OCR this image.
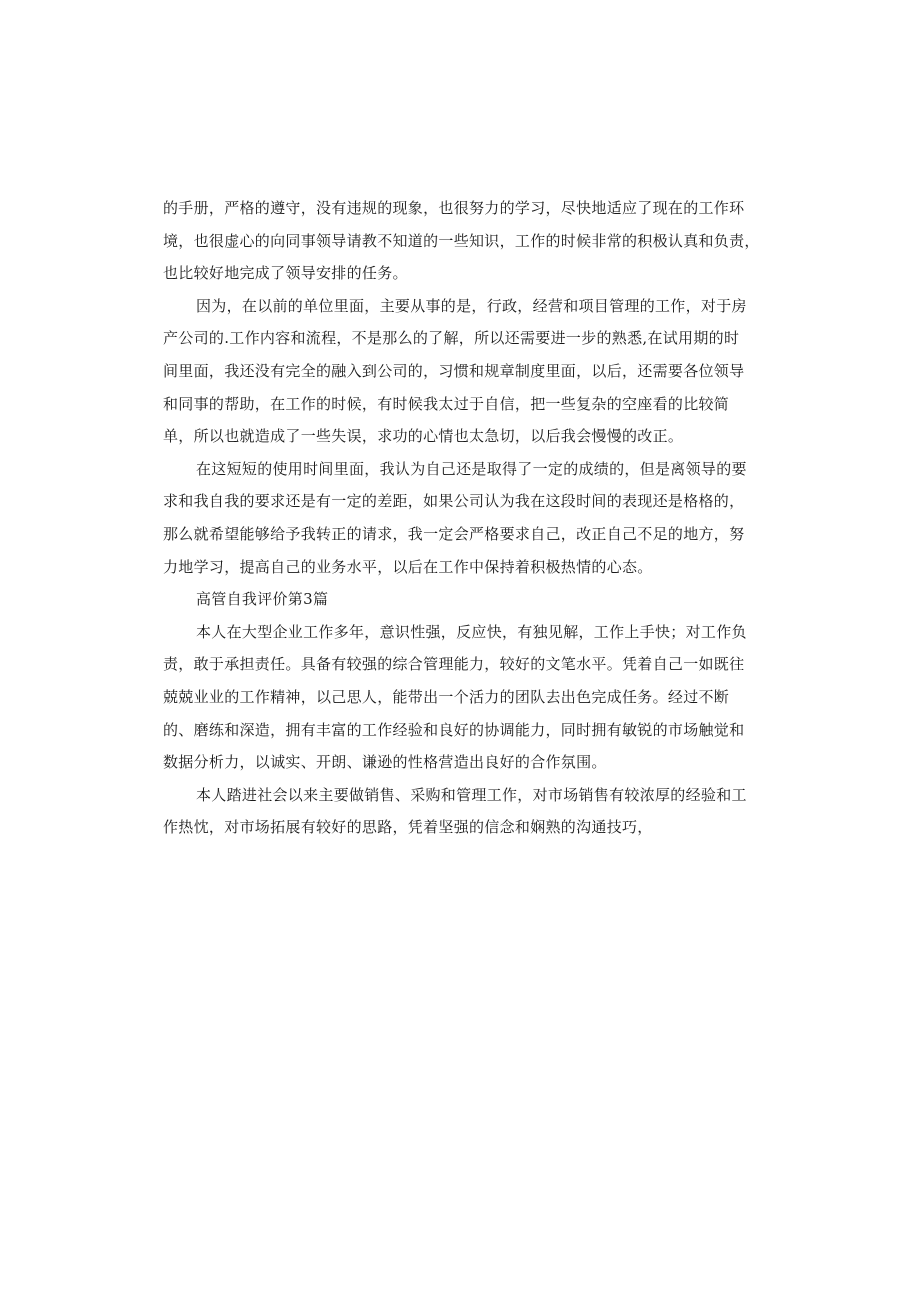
的手册，严格的遵守，没有违规的现象，也很努力的学习，尽快地适应了现在的工作环
境，也很虚心的向同事领导请教不知道的一些知识，工作的时候非常的积极认真和负责，
也比较好地完成了领导安排的任务。

因为，在以前的单位里面，主要从事的是，行政，经营和项目管理的工作，对于房
产公司的.工作内容和流程，不是那么的了解，所以还需要进一步的熟悉,在试用期的时
间里面，我还没有完全的融入到公司的，习惯和规章制度里面，以后，还需要各位领导
和同事的帮助，在工作的时候，有时候我太过于自信，把一些复杂的空座看的比较简
单，所以也就造成了一些失误，求功的心情也太急切，以后我会慢慢的改正。

在这短短的使用时间里面，我认为自己还是取得了一定的成绩的，但是离领导的要
求和我自我的要求还是有一定的差距，如果公司认为我在这段时间的表现还是格格的，
那么就希望能够给予我转正的请求，我一定会严格要求自己，改正自己不足的地方，努
力地学习，提高自己的业务水平，以后在工作中保持着积极热情的心态。

高管自我评价第3篇

本人在大型企业工作多年，意识性强，反应快，有独见解，工作上手快；对工作负
责，敢于承担责任。具备有较强的综合管理能力，较好的文笔水平。凭着自己一如既往
兢兢业业的工作精神，以己思人，能带出一个活力的团队去出色完成任务。经过不断
的、磨练和深造，拥有丰富的工作经验和良好的协调能力，同时拥有敏锐的市场触觉和
数据分析力，以诚实、开朗、谦逊的性格营造出良好的合作氛围。

本人踏进社会以来主要做销售、采购和管理工作，对市场销售有较浓厚的经验和工
作热忱，对市场拓展有较好的思路，凭着坚强的信念和娴熟的沟通技巧，
